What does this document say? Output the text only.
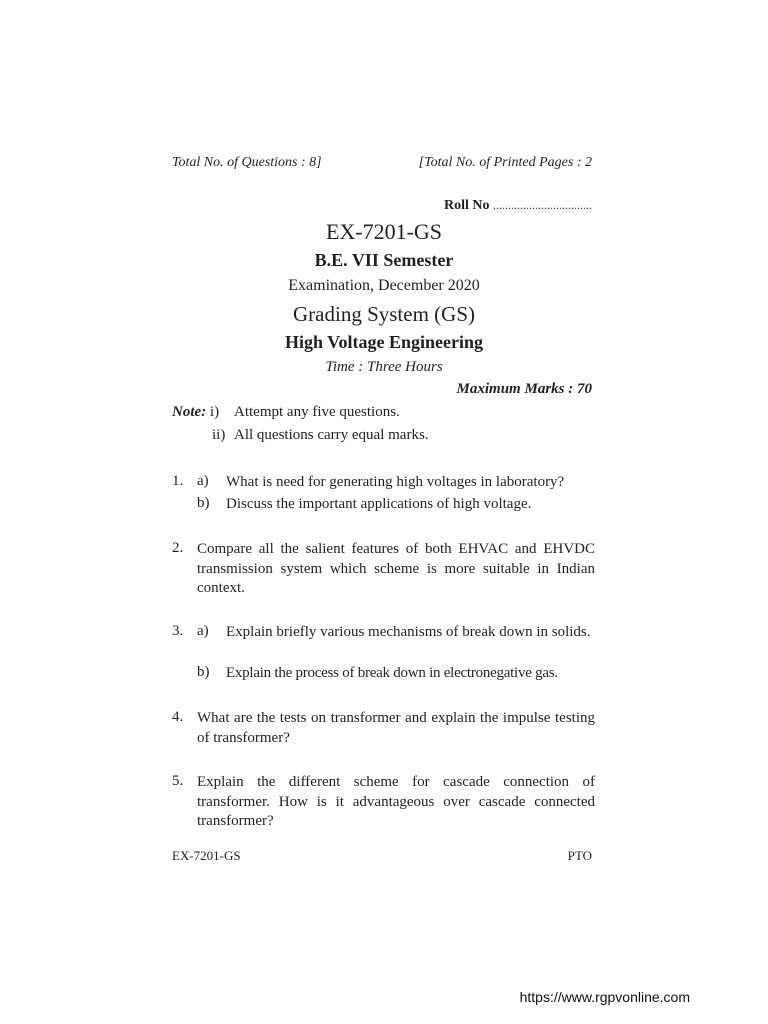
Total No. of Questions : 8]	[Total No. of Printed Pages : 2
Roll No .................................
EX-7201-GS
B.E. VII Semester
Examination, December 2020
Grading System (GS)
High Voltage Engineering
Time : Three Hours
Maximum Marks : 70
Note: i) Attempt any five questions.
ii) All questions carry equal marks.
1. a) What is need for generating high voltages in laboratory?
b) Discuss the important applications of high voltage.
2. Compare all the salient features of both EHVAC and EHVDC transmission system which scheme is more suitable in Indian context.
3. a) Explain briefly various mechanisms of break down in solids.
b) Explain the process of break down in electronegative gas.
4. What are the tests on transformer and explain the impulse testing of transformer?
5. Explain the different scheme for cascade connection of transformer. How is it advantageous over cascade connected transformer?
EX-7201-GS	PTO
https://www.rgpvonline.com
